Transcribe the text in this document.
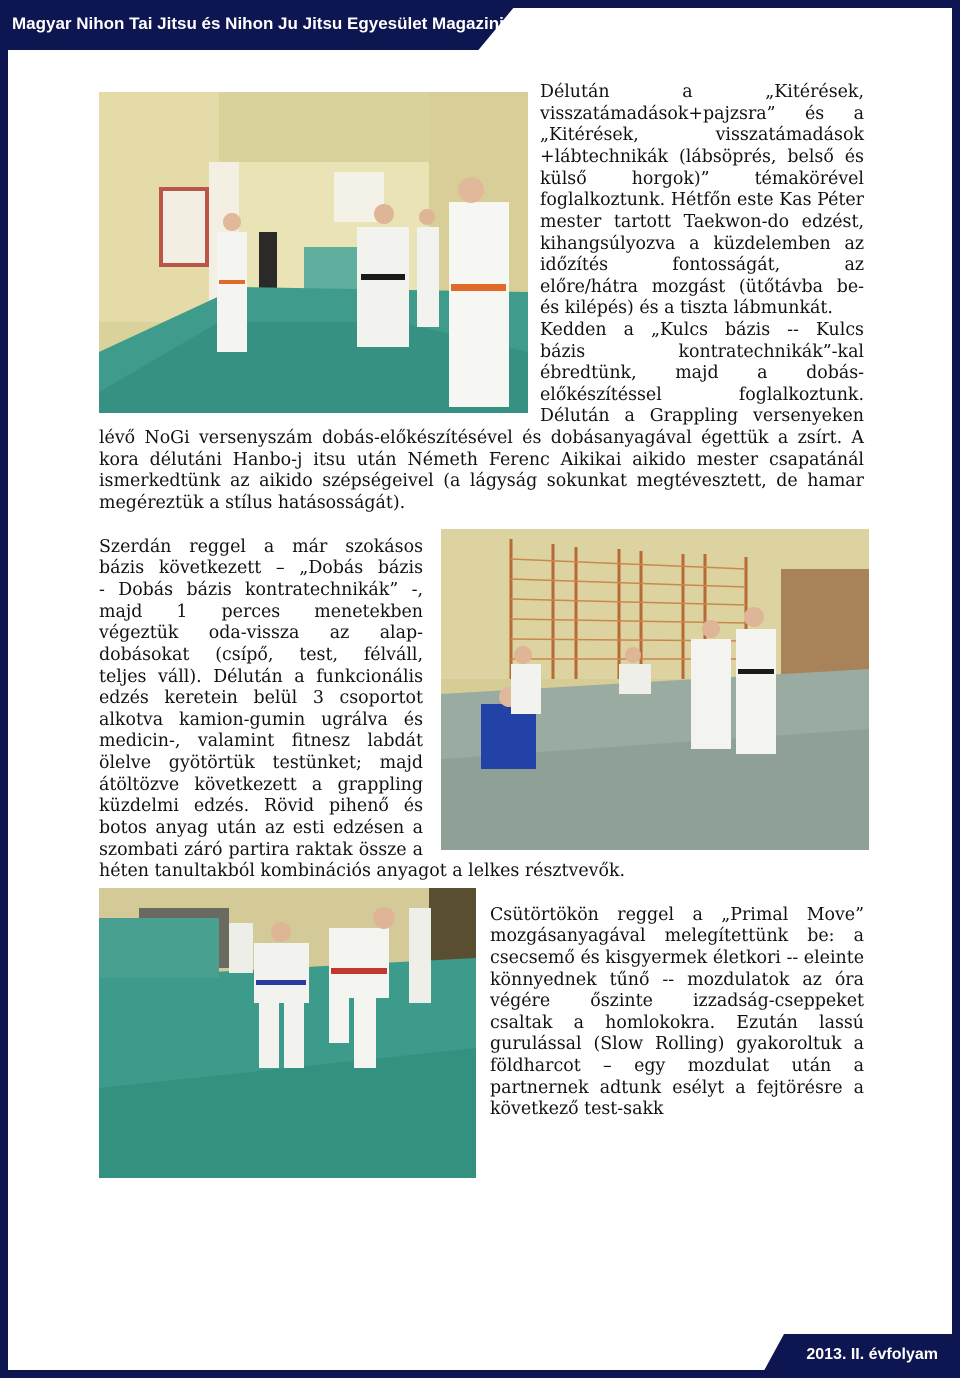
Magyar Nihon Tai Jitsu és Nihon Ju Jitsu Egyesület Magazinja
2013. II. évfolyam
Délután a „Kitérések,
visszatámadások+pajzsra” és a
„Kitérések, visszatámadások
+lábtechnikák (lábsöprés, belső és
külső horgok)” témakörével
foglalkoztunk. Hétfőn este Kas Péter
mester tartott Taekwon-do edzést,
kihangsúlyozva a küzdelemben az
időzítés fontosságát, az
előre/hátra mozgást (ütőtávba be-
és kilépés) és a tiszta lábmunkát.
Kedden a „Kulcs bázis -- Kulcs
bázis kontratechnikák”-kal
ébredtünk, majd a dobás-
előkészítéssel foglalkoztunk.
Délután a Grappling versenyeken
lévő NoGi versenyszám dobás-előkészítésével és dobásanyagával égettük a zsírt. A
kora délutáni Hanbo-j itsu után Németh Ferenc Aikikai aikido mester csapatánál
ismerkedtünk az aikido szépségeivel (a lágyság sokunkat megtévesztett, de hamar
megéreztük a stílus hatásosságát).
Szerdán reggel a már szokásos
bázis következett – „Dobás bázis
- Dobás bázis kontratechnikák” -,
majd 1 perces menetekben
végeztük oda-vissza az alap-
dobásokat (csípő, test, félváll,
teljes váll). Délután a funkcionális
edzés keretein belül 3 csoportot
alkotva kamion-gumin ugrálva és
medicin-, valamint fitnesz labdát
ölelve gyötörtük testünket; majd
átöltözve következett a grappling
küzdelmi edzés. Rövid pihenő és
botos anyag után az esti edzésen a
szombati záró partira raktak össze a
héten tanultakból kombinációs anyagot a lelkes résztvevők.
Csütörtökön reggel a „Primal Move”
mozgásanyagával melegítettünk be: a
csecsemő és kisgyermek életkori -- eleinte
könnyednek tűnő -- mozdulatok az óra
végére őszinte izzadság-cseppeket
csaltak a homlokokra. Ezután lassú
gurulással (Slow Rolling) gyakoroltuk a
földharcot – egy mozdulat után a
partnernek adtunk esélyt a fejtörésre a
következő test-sakk
